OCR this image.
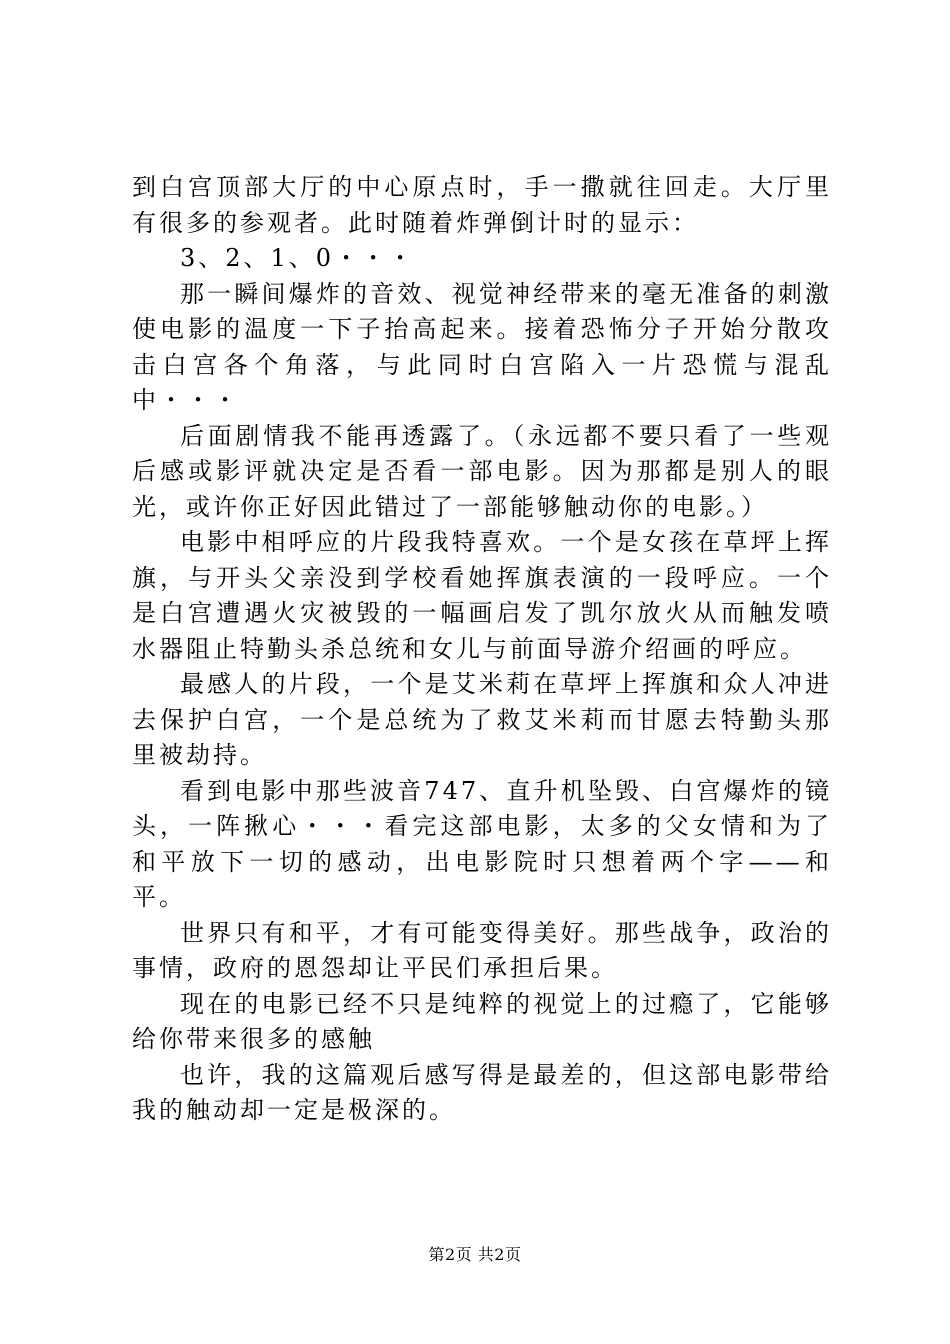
到白宫顶部大厅的中心原点时，手一撒就往回走。大厅里有很多的参观者。此时随着炸弹倒计时的显示：

3、2、1、0・・・

那一瞬间爆炸的音效、视觉神经带来的毫无准备的刺激使电影的温度一下子抬高起来。接着恐怖分子开始分散攻击白宫各个角落，与此同时白宫陷入一片恐慌与混乱中・・・

后面剧情我不能再透露了。（永远都不要只看了一些观后感或影评就决定是否看一部电影。因为那都是别人的眼光，或许你正好因此错过了一部能够触动你的电影。）

电影中相呼应的片段我特喜欢。一个是女孩在草坪上挥旗，与开头父亲没到学校看她挥旗表演的一段呼应。一个是白宫遭遇火灾被毁的一幅画启发了凯尔放火从而触发喷水器阻止特勤头杀总统和女儿与前面导游介绍画的呼应。

最感人的片段，一个是艾米莉在草坪上挥旗和众人冲进去保护白宫，一个是总统为了救艾米莉而甘愿去特勤头那里被劫持。

看到电影中那些波音747、直升机坠毁、白宫爆炸的镜头，一阵揪心・・・看完这部电影，太多的父女情和为了和平放下一切的感动，出电影院时只想着两个字——和平。

世界只有和平，才有可能变得美好。那些战争，政治的事情，政府的恩怨却让平民们承担后果。

现在的电影已经不只是纯粹的视觉上的过瘾了，它能够给你带来很多的感触

也许，我的这篇观后感写得是最差的，但这部电影带给我的触动却一定是极深的。

第2页 共2页
